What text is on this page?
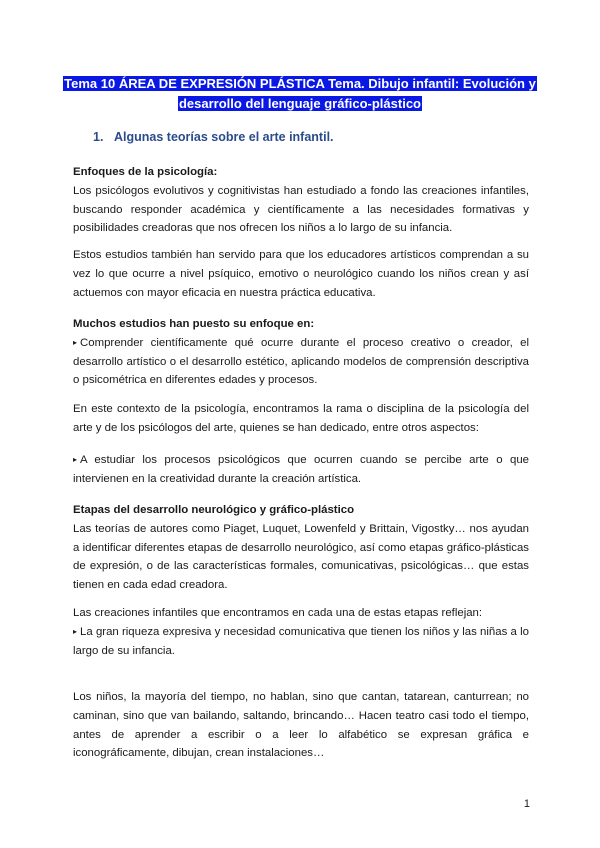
Tema 10 ÁREA DE EXPRESIÓN PLÁSTICA Tema. Dibujo infantil: Evolución y
desarrollo del lenguaje gráfico-plástico
1. Algunas teorías sobre el arte infantil.

Enfoques de la psicología:

Los psicólogos evolutivos y cognitivistas han estudiado a fondo las creaciones infantiles, buscando responder académica y científicamente a las necesidades formativas y posibilidades creadoras que nos ofrecen los niños a lo largo de su infancia.

Estos estudios también han servido para que los educadores artísticos comprendan a su vez lo que ocurre a nivel psíquico, emotivo o neurológico cuando los niños crean y así actuemos con mayor eficacia en nuestra práctica educativa.

Muchos estudios han puesto su enfoque en:

▸ Comprender científicamente qué ocurre durante el proceso creativo o creador, el desarrollo artístico o el desarrollo estético, aplicando modelos de comprensión descriptiva o psicométrica en diferentes edades y procesos.

En este contexto de la psicología, encontramos la rama o disciplina de la psicología del arte y de los psicólogos del arte, quienes se han dedicado, entre otros aspectos:

▸ A estudiar los procesos psicológicos que ocurren cuando se percibe arte o que intervienen en la creatividad durante la creación artística.

Etapas del desarrollo neurológico y gráfico-plástico

Las teorías de autores como Piaget, Luquet, Lowenfeld y Brittain, Vigostky… nos ayudan a identificar diferentes etapas de desarrollo neurológico, así como etapas gráfico-plásticas de expresión, o de las características formales, comunicativas, psicológicas… que estas tienen en cada edad creadora.

Las creaciones infantiles que encontramos en cada una de estas etapas reflejan:

▸ La gran riqueza expresiva y necesidad comunicativa que tienen los niños y las niñas a lo largo de su infancia.

Los niños, la mayoría del tiempo, no hablan, sino que cantan, tatarean, canturrean; no caminan, sino que van bailando, saltando, brincando… Hacen teatro casi todo el tiempo, antes de aprender a escribir o a leer lo alfabético se expresan gráfica e iconográficamente, dibujan, crean instalaciones…

1
